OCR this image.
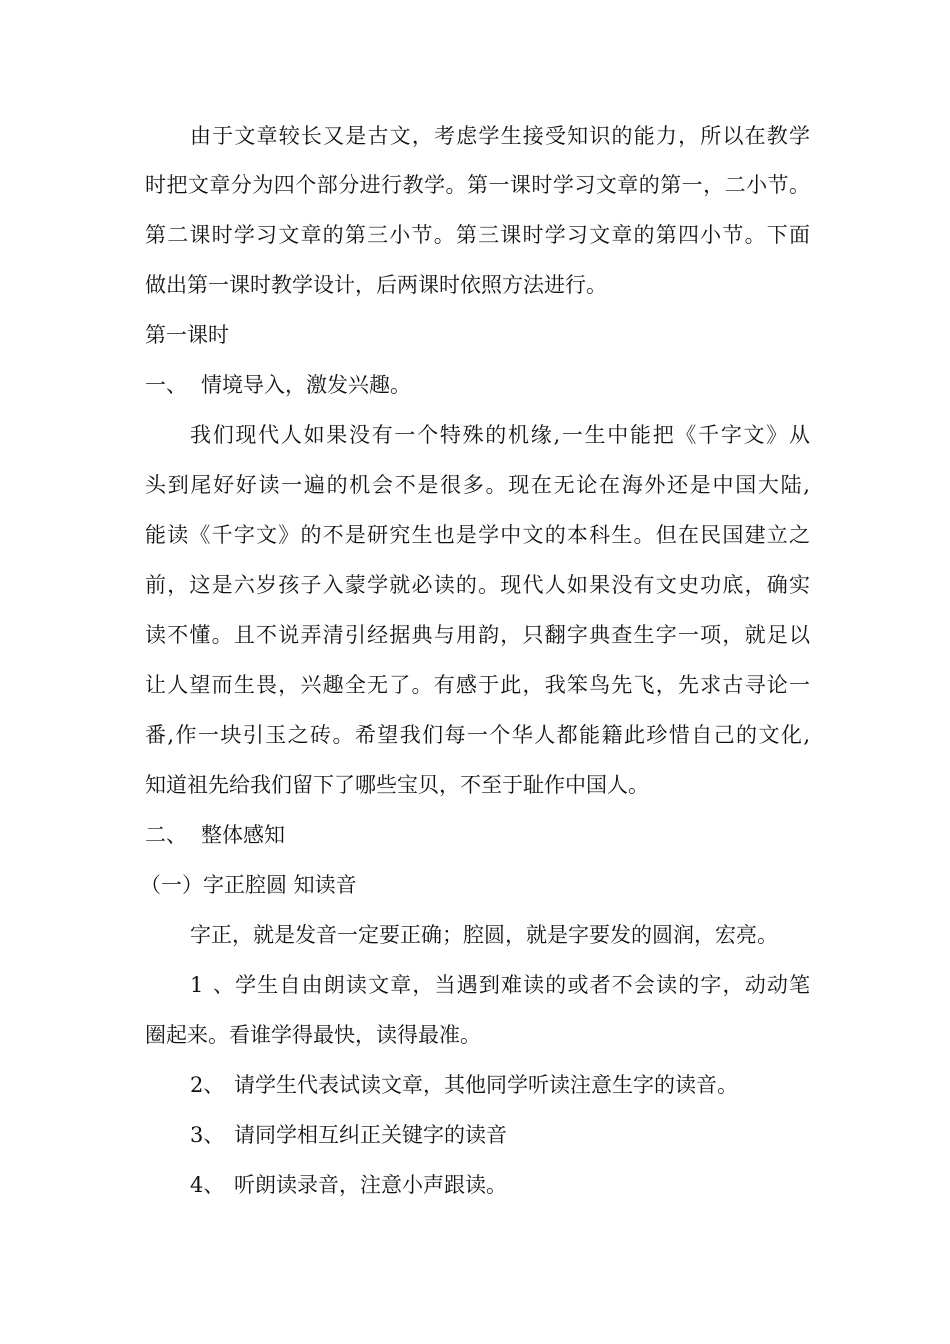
由于文章较长又是古文，考虑学生接受知识的能力，所以在教学
时把文章分为四个部分进行教学。第一课时学习文章的第一，二小节。
第二课时学习文章的第三小节。第三课时学习文章的第四小节。下面
做出第一课时教学设计，后两课时依照方法进行。
第一课时
一、 情境导入，激发兴趣。
我们现代人如果没有一个特殊的机缘,一生中能把《千字文》从
头到尾好好读一遍的机会不是很多。现在无论在海外还是中国大陆,
能读《千字文》的不是研究生也是学中文的本科生。但在民国建立之
前，这是六岁孩子入蒙学就必读的。现代人如果没有文史功底，确实
读不懂。且不说弄清引经据典与用韵，只翻字典查生字一项，就足以
让人望而生畏，兴趣全无了。有感于此，我笨鸟先飞，先求古寻论一
番,作一块引玉之砖。希望我们每一个华人都能籍此珍惜自己的文化,
知道祖先给我们留下了哪些宝贝，不至于耻作中国人。
二、 整体感知
（一）字正腔圆 知读音
字正，就是发音一定要正确；腔圆，就是字要发的圆润，宏亮。
1、学生自由朗读文章，当遇到难读的或者不会读的字，动动笔
圈起来。看谁学得最快，读得最准。
2、 请学生代表试读文章，其他同学听读注意生字的读音。
3、 请同学相互纠正关键字的读音
4、 听朗读录音，注意小声跟读。
